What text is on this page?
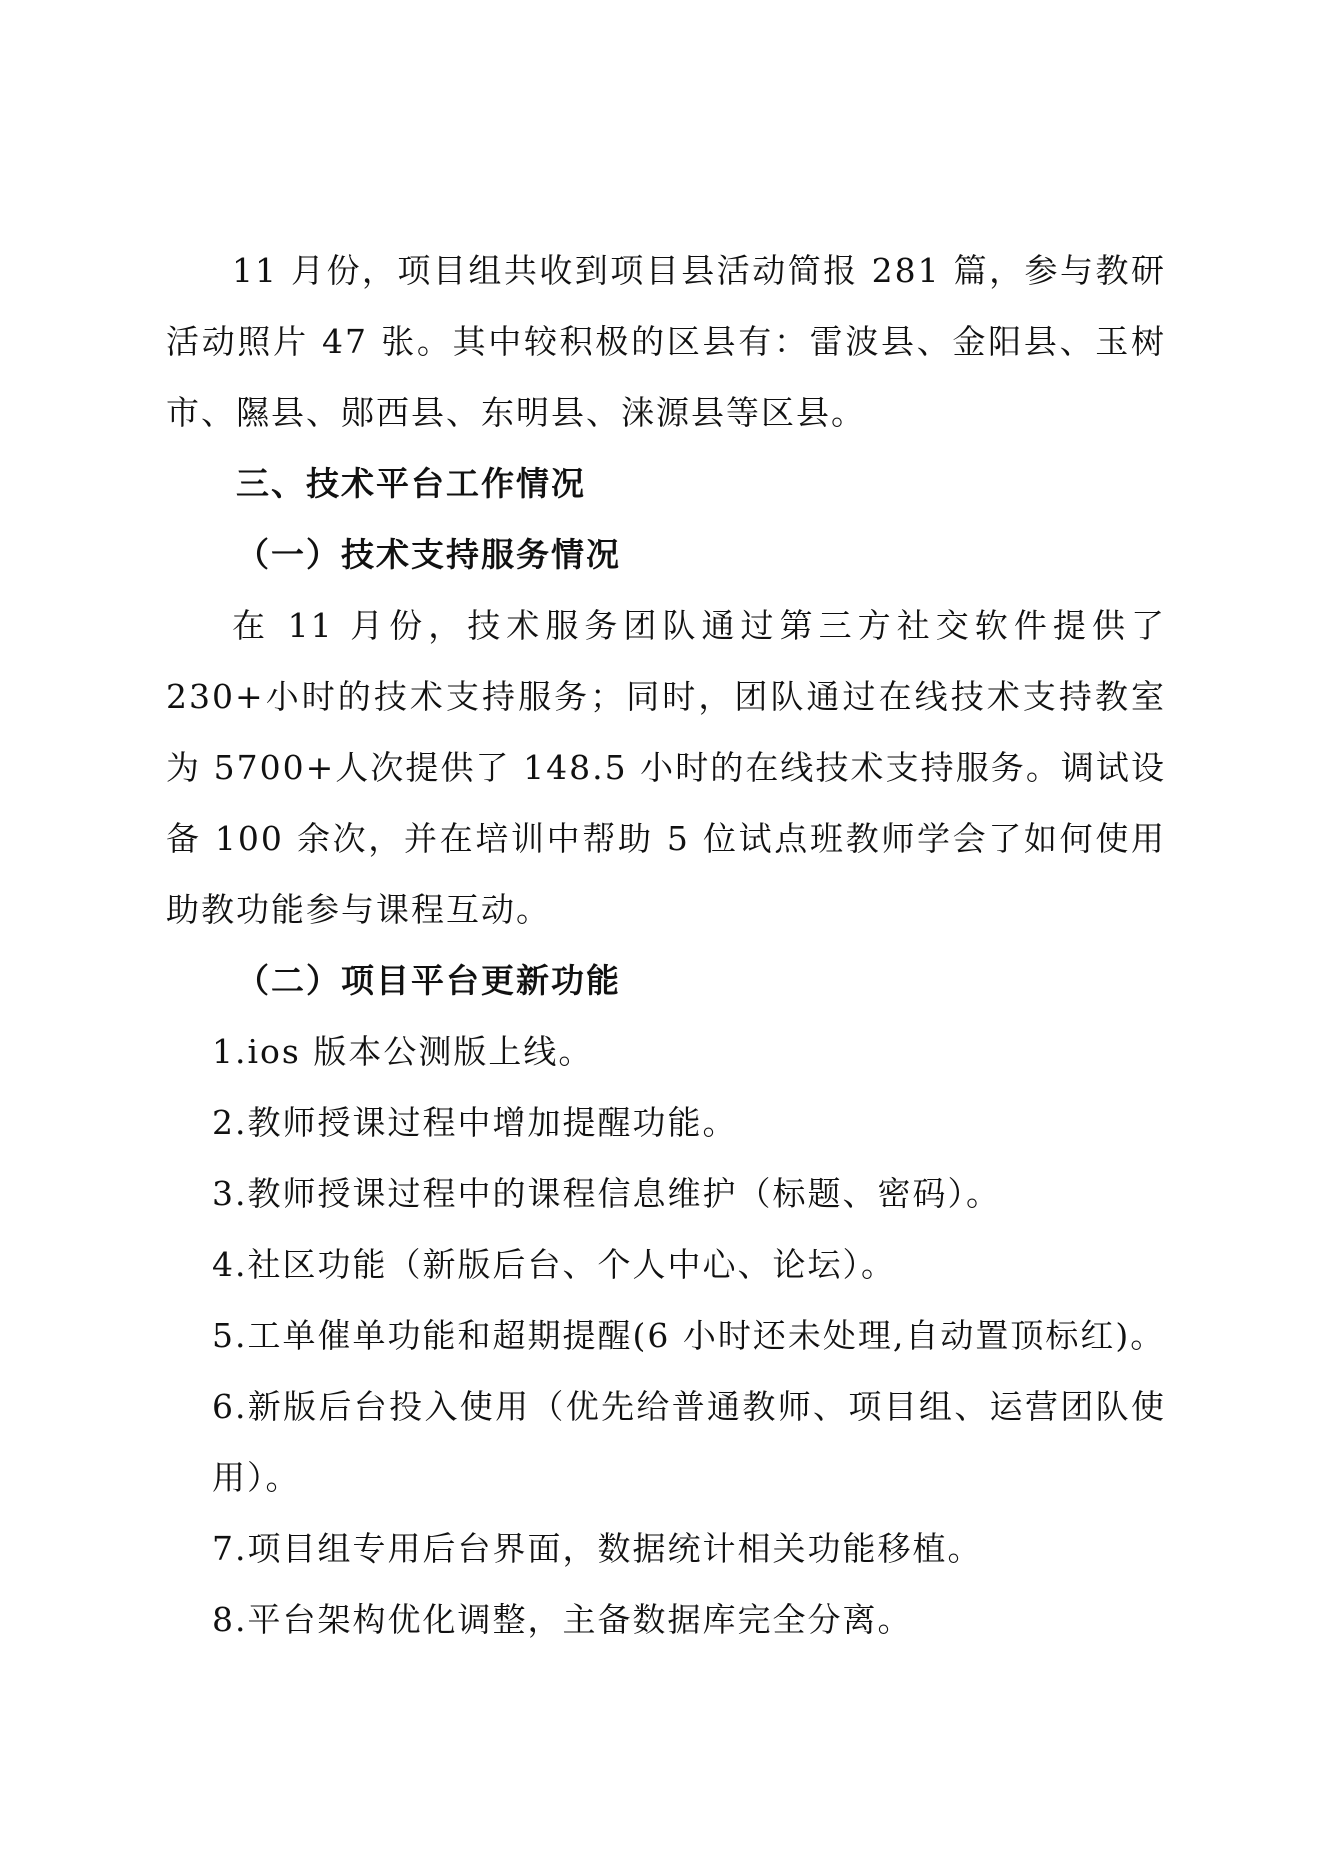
11 月份，项目组共收到项目县活动简报 281 篇，参与教研活动照片 47 张。其中较积极的区县有：雷波县、金阳县、玉树市、隰县、郧西县、东明县、涞源县等区县。

三、技术平台工作情况

（一）技术支持服务情况

在 11 月份，技术服务团队通过第三方社交软件提供了 230+小时的技术支持服务；同时，团队通过在线技术支持教室为 5700+人次提供了 148.5 小时的在线技术支持服务。调试设备 100 余次，并在培训中帮助 5 位试点班教师学会了如何使用助教功能参与课程互动。

（二）项目平台更新功能

1.ios 版本公测版上线。

2.教师授课过程中增加提醒功能。

3.教师授课过程中的课程信息维护（标题、密码）。

4.社区功能（新版后台、个人中心、论坛）。

5.工单催单功能和超期提醒(6 小时还未处理,自动置顶标红)。

6.新版后台投入使用（优先给普通教师、项目组、运营团队使用）。

7.项目组专用后台界面，数据统计相关功能移植。

8.平台架构优化调整，主备数据库完全分离。
